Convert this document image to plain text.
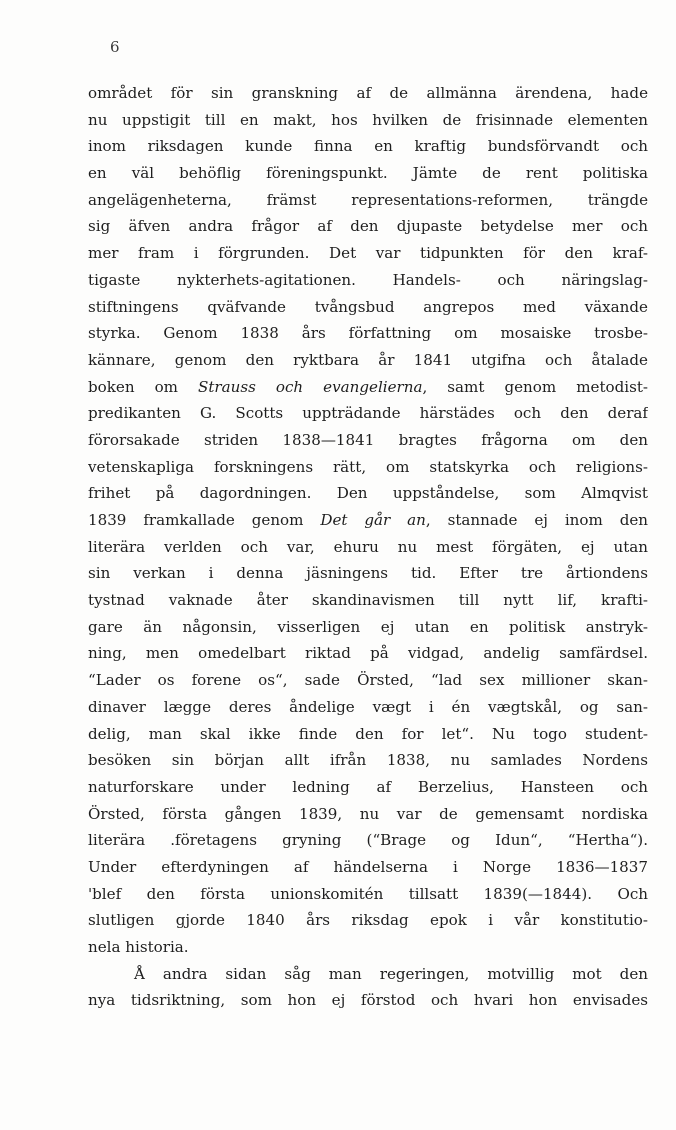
6
området för sin granskning af de allmänna ärendena, hade
nu uppstigit till en makt, hos hvilken de frisinnade elementen
inom riksdagen kunde finna en kraftig bundsförvandt och
en väl behöflig föreningspunkt. Jämte de rent politiska
angelägenheterna, främst representations-reformen, trängde
sig äfven andra frågor af den djupaste betydelse mer och
mer fram i förgrunden. Det var tidpunkten för den kraf-
tigaste nykterhets-agitationen. Handels- och näringslag-
stiftningens qväfvande tvångsbud angrepos med växande
styrka. Genom 1838 års författning om mosaiske trosbe-
kännare, genom den ryktbara år 1841 utgifna och åtalade
boken om Strauss och evangelierna, samt genom metodist-
predikanten G. Scotts uppträdande härstädes och den deraf
förorsakade striden 1838—1841 bragtes frågorna om den
vetenskapliga forskningens rätt, om statskyrka och religions-
frihet på dagordningen. Den uppståndelse, som Almqvist
1839 framkallade genom Det går an, stannade ej inom den
literära verlden och var, ehuru nu mest förgäten, ej utan
sin verkan i denna jäsningens tid. Efter tre årtiondens
tystnad vaknade åter skandinavismen till nytt lif, krafti-
gare än någonsin, visserligen ej utan en politisk anstryk-
ning, men omedelbart riktad på vidgad, andelig samfärdsel.
“Lader os forene os“, sade Örsted, “lad sex millioner skan-
dinaver lægge deres åndelige vægt i én vægtskål, og san-
delig, man skal ikke finde den for let“. Nu togo student-
besöken sin början allt ifrån 1838, nu samlades Nordens
naturforskare under ledning af Berzelius, Hansteen och
Örsted, första gången 1839, nu var de gemensamt nordiska
literära .företagens gryning (“Brage og Idun“, “Hertha“).
Under efterdyningen af händelserna i Norge 1836—1837
'blef den första unionskomitén tillsatt 1839(—1844). Och
slutligen gjorde 1840 års riksdag epok i vår konstitutio-
nela historia.
Å andra sidan såg man regeringen, motvillig mot den
nya tidsriktning, som hon ej förstod och hvari hon envisades
